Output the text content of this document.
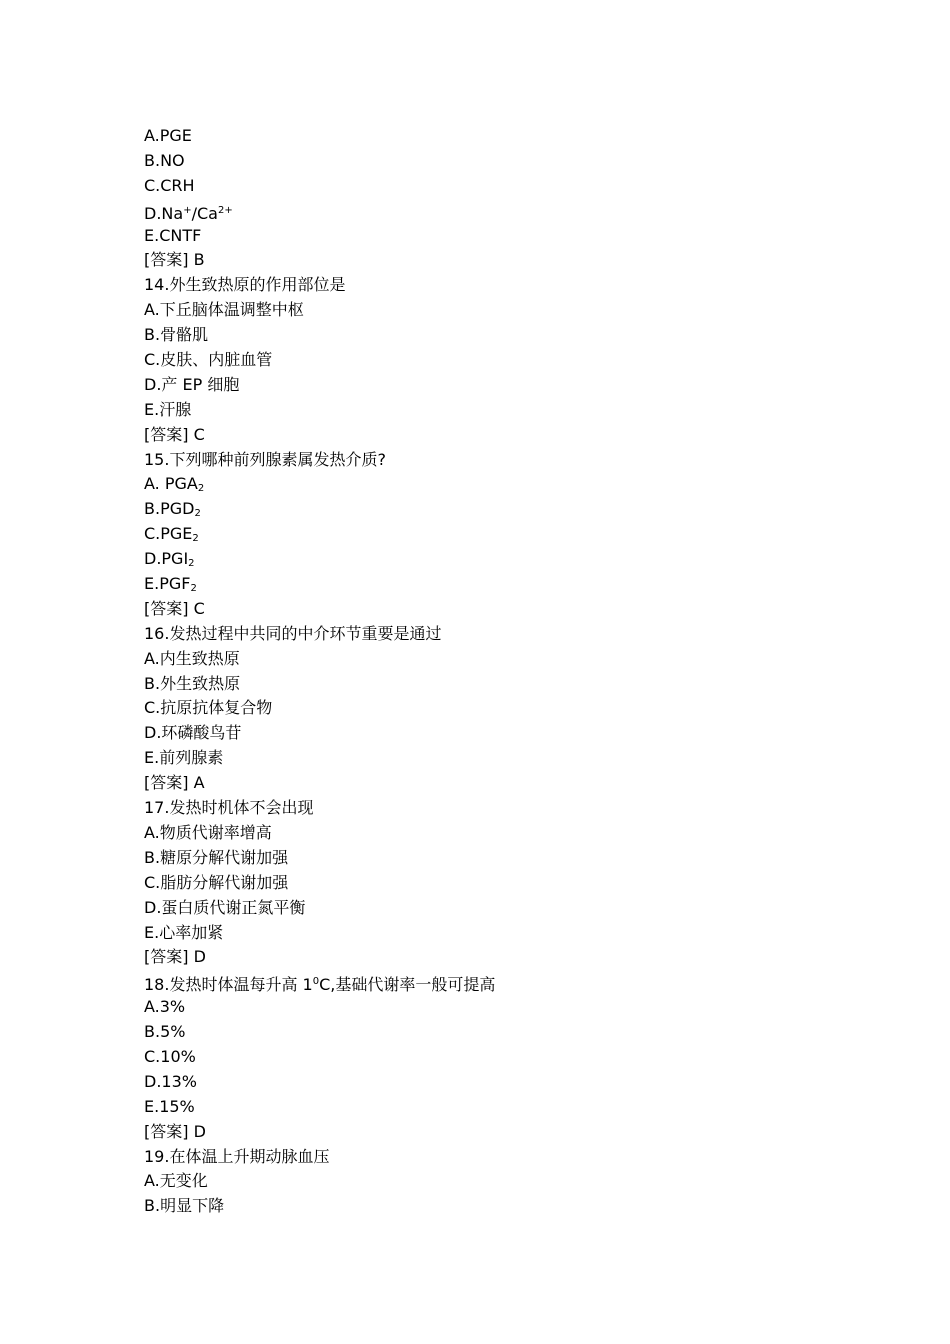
A.PGE
B.NO
C.CRH
$D.Na^+/Ca^{2+}$
E.CNTF
[答案] B
14.外生致热原的作用部位是
A.下丘脑体温调整中枢
B.骨骼肌
C.皮肤、内脏血管
D.产 EP 细胞
E.汗腺
[答案] C
15.下列哪种前列腺素属发热介质?
A. $PGA_2$
$B.PGD_2$
$C.PGE_2$
$D.PGI_2$
$E.PGF_2$
[答案] C
16.发热过程中共同的中介环节重要是通过
A.内生致热原
B.外生致热原
C.抗原抗体复合物
D.环磷酸鸟苷
E.前列腺素
[答案] A
17.发热时机体不会出现
A.物质代谢率增高
B.糖原分解代谢加强
C.脂肪分解代谢加强
D.蛋白质代谢正氮平衡
E.心率加紧
[答案] D
18.发热时体温每升高 $1^0C$,基础代谢率一般可提高
A.3%
B.5%
C.10%
D.13%
E.15%
[答案] D
19.在体温上升期动脉血压
A.无变化
B.明显下降
